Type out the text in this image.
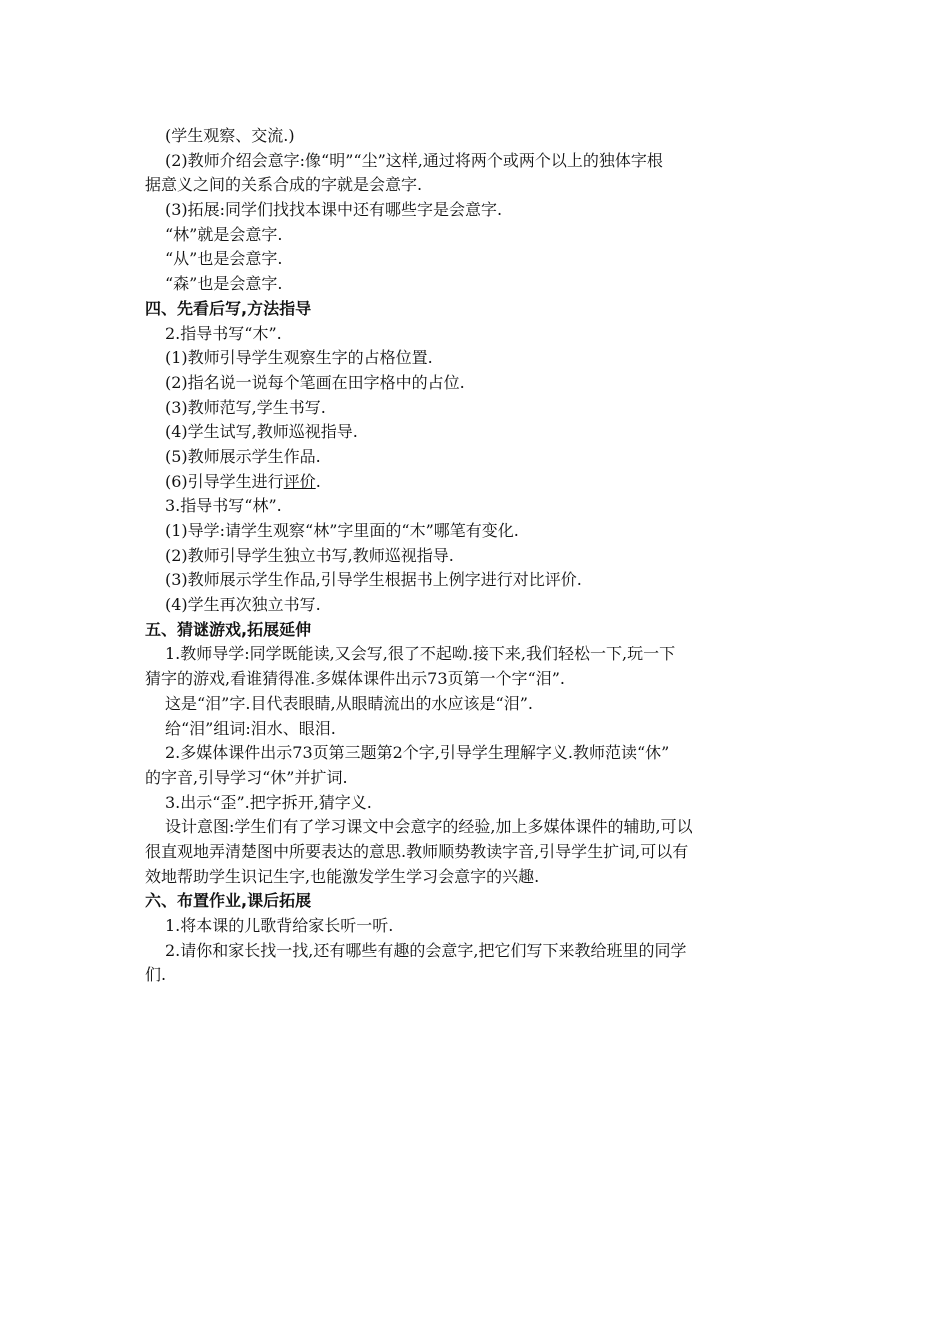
(学生观察、交流.)
(2)教师介绍会意字:像“明”“尘”这样,通过将两个或两个以上的独体字根
据意义之间的关系合成的字就是会意字.
(3)拓展:同学们找找本课中还有哪些字是会意字.
“林”就是会意字.
“从”也是会意字.
“森”也是会意字.
四、先看后写,方法指导
2.指导书写“木”.
(1)教师引导学生观察生字的占格位置.
(2)指名说一说每个笔画在田字格中的占位.
(3)教师范写,学生书写.
(4)学生试写,教师巡视指导.
(5)教师展示学生作品.
(6)引导学生进行评价.
3.指导书写“林”.
(1)导学:请学生观察“林”字里面的“木”哪笔有变化.
(2)教师引导学生独立书写,教师巡视指导.
(3)教师展示学生作品,引导学生根据书上例字进行对比评价.
(4)学生再次独立书写.
五、猜谜游戏,拓展延伸
1.教师导学:同学既能读,又会写,很了不起呦.接下来,我们轻松一下,玩一下
猜字的游戏,看谁猜得准.多媒体课件出示73页第一个字“泪”.
这是“泪”字.目代表眼睛,从眼睛流出的水应该是“泪”.
给“泪”组词:泪水、眼泪.
2.多媒体课件出示73页第三题第2个字,引导学生理解字义.教师范读“休”
的字音,引导学习“休”并扩词.
3.出示“歪”.把字拆开,猜字义.
设计意图:学生们有了学习课文中会意字的经验,加上多媒体课件的辅助,可以
很直观地弄清楚图中所要表达的意思.教师顺势教读字音,引导学生扩词,可以有
效地帮助学生识记生字,也能激发学生学习会意字的兴趣.
六、布置作业,课后拓展
1.将本课的儿歌背给家长听一听.
2.请你和家长找一找,还有哪些有趣的会意字,把它们写下来教给班里的同学
们.
